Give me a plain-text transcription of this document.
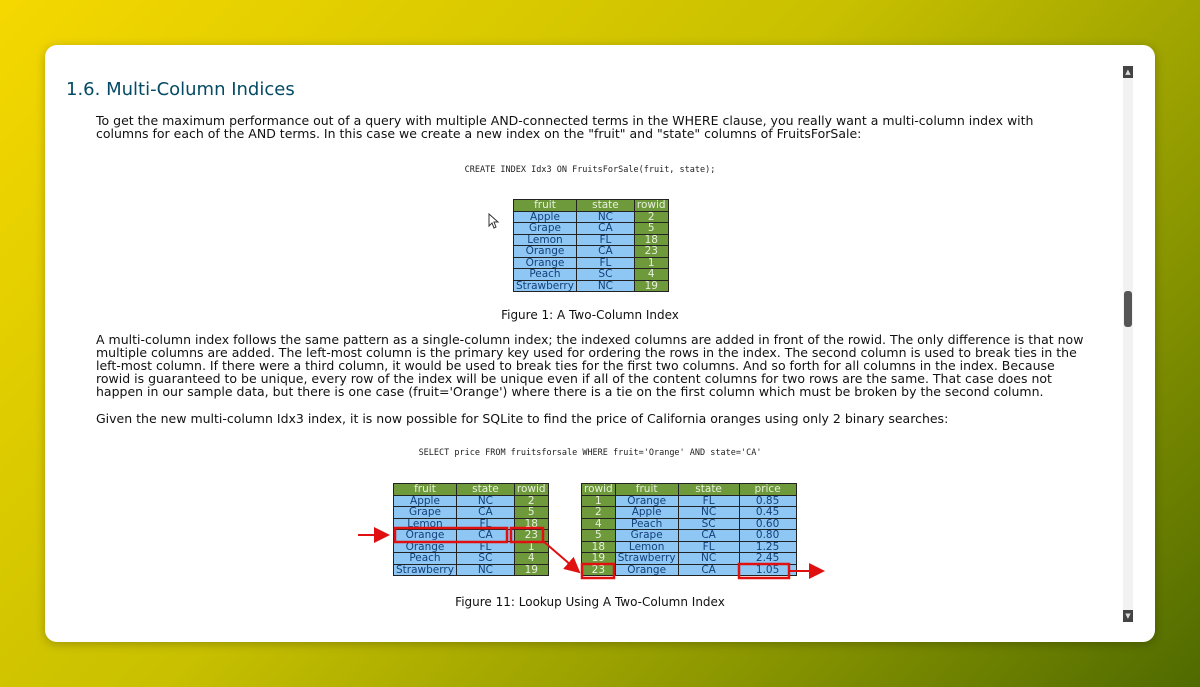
1.6. Multi-Column Indices

To get the maximum performance out of a query with multiple AND-connected terms in the WHERE clause, you really want a multi-column index with columns for each of the AND terms. In this case we create a new index on the "fruit" and "state" columns of FruitsForSale:

CREATE INDEX Idx3 ON FruitsForSale(fruit, state);
fruit	state	rowid
Apple	NC	2
Grape	CA	5
Lemon	FL	18
Orange	CA	23
Orange	FL	1
Peach	SC	4
Strawberry	NC	19
Figure 1: A Two-Column Index

A multi-column index follows the same pattern as a single-column index; the indexed columns are added in front of the rowid. The only difference is that now multiple columns are added. The left-most column is the primary key used for ordering the rows in the index. The second column is used to break ties in the left-most column. If there were a third column, it would be used to break ties for the first two columns. And so forth for all columns in the index. Because rowid is guaranteed to be unique, every row of the index will be unique even if all of the content columns for two rows are the same. That case does not happen in our sample data, but there is one case (fruit='Orange') where there is a tie on the first column which must be broken by the second column.

Given the new multi-column Idx3 index, it is now possible for SQLite to find the price of California oranges using only 2 binary searches:

SELECT price FROM fruitsforsale WHERE fruit='Orange' AND state='CA'
fruit	state	rowid
Apple	NC	2
Grape	CA	5
Lemon	FL	18
Orange	CA	23
Orange	FL	1
Peach	SC	4
Strawberry	NC	19
rowid	fruit	state	price
1	Orange	FL	0.85
2	Apple	NC	0.45
4	Peach	SC	0.60
5	Grape	CA	0.80
18	Lemon	FL	1.25
19	Strawberry	NC	2.45
23	Orange	CA	1.05
Figure 11: Lookup Using A Two-Column Index
▲
▼
